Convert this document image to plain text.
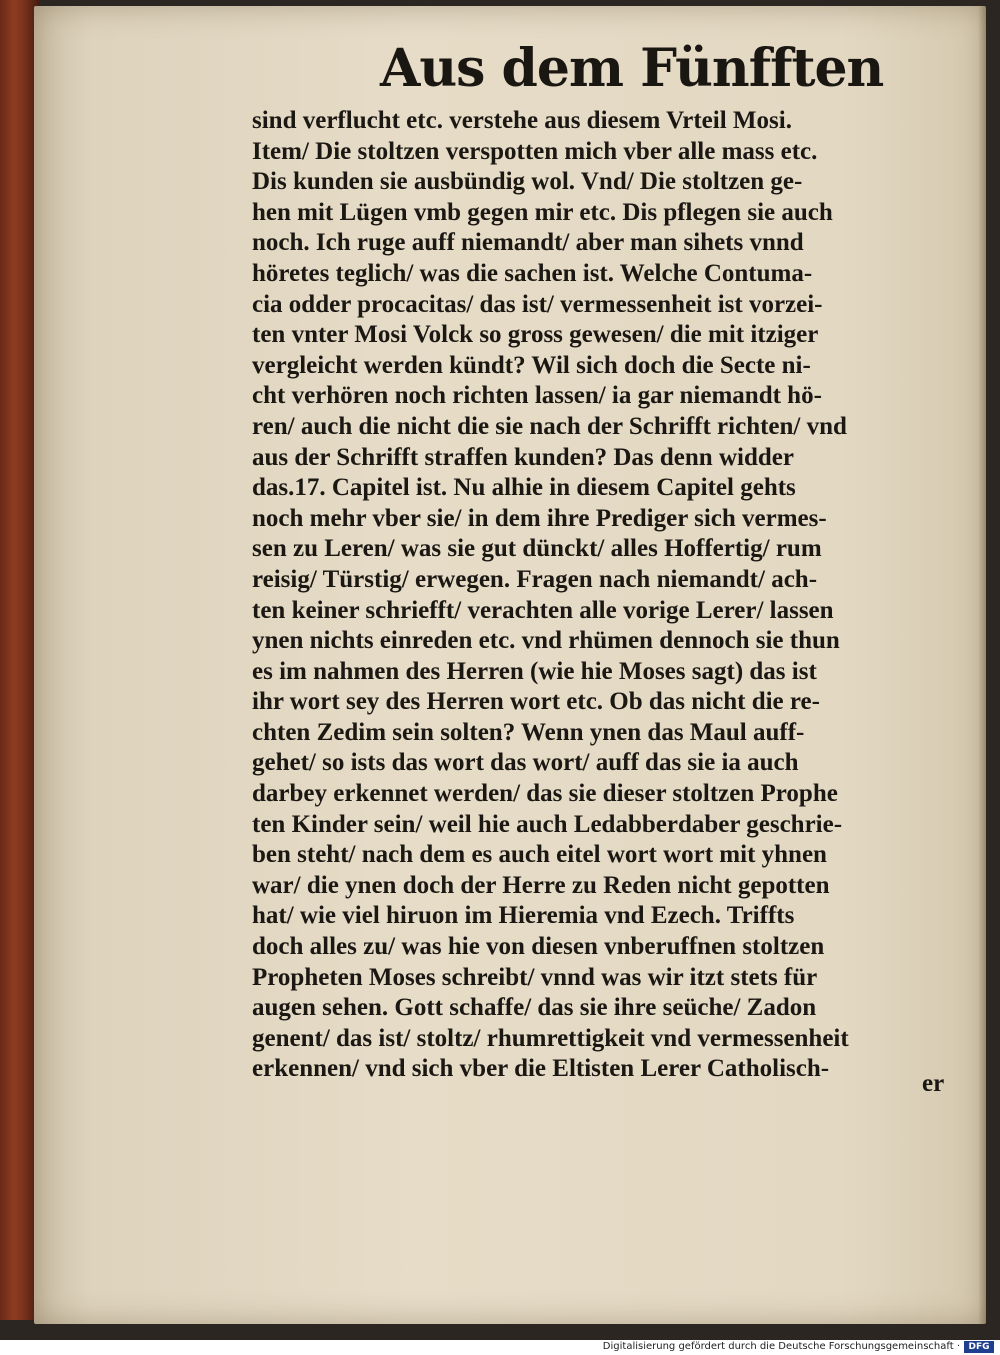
Aus dem Fünfften
sind verflucht etc. verstehe aus diesem Vrteil Mosi.
Item/ Die stoltzen verspotten mich vber alle mass etc.
Dis kunden sie ausbündig wol. Vnd/ Die stoltzen ge-
hen mit Lügen vmb gegen mir etc. Dis pflegen sie auch
noch. Ich ruge auff niemandt/ aber man sihets vnnd
höretes teglich/ was die sachen ist. Welche Contuma-
cia odder procacitas/ das ist/ vermessenheit ist vorzei-
ten vnter Mosi Volck so gross gewesen/ die mit itziger
vergleicht werden kündt? Wil sich doch die Secte ni-
cht verhören noch richten lassen/ ia gar niemandt hö-
ren/ auch die nicht die sie nach der Schrifft richten/ vnd
aus der Schrifft straffen kunden? Das denn widder
das.17. Capitel ist. Nu alhie in diesem Capitel gehts
noch mehr vber sie/ in dem ihre Prediger sich vermes-
sen zu Leren/ was sie gut dünckt/ alles Hoffertig/ rum
reisig/ Türstig/ erwegen. Fragen nach niemandt/ ach-
ten keiner schriefft/ verachten alle vorige Lerer/ lassen
ynen nichts einreden etc. vnd rhümen dennoch sie thun
es im nahmen des Herren (wie hie Moses sagt) das ist
ihr wort sey des Herren wort etc. Ob das nicht die re-
chten Zedim sein solten? Wenn ynen das Maul auff-
gehet/ so ists das wort das wort/ auff das sie ia auch
darbey erkennet werden/ das sie dieser stoltzen Prophe
ten Kinder sein/ weil hie auch Ledabberdaber geschrie-
ben steht/ nach dem es auch eitel wort wort mit yhnen
war/ die ynen doch der Herre zu Reden nicht gepotten
hat/ wie viel hiruon im Hieremia vnd Ezech. Triffts
doch alles zu/ was hie von diesen vnberuffnen stoltzen
Propheten Moses schreibt/ vnnd was wir itzt stets für
augen sehen. Gott schaffe/ das sie ihre seüche/ Zadon
genent/ das ist/ stoltz/ rhumrettigkeit vnd vermessenheit
erkennen/ vnd sich vber die Eltisten Lerer Catholisch-
er
Digitalisierung gefördert durch die Deutsche Forschungsgemeinschaft · DFG
